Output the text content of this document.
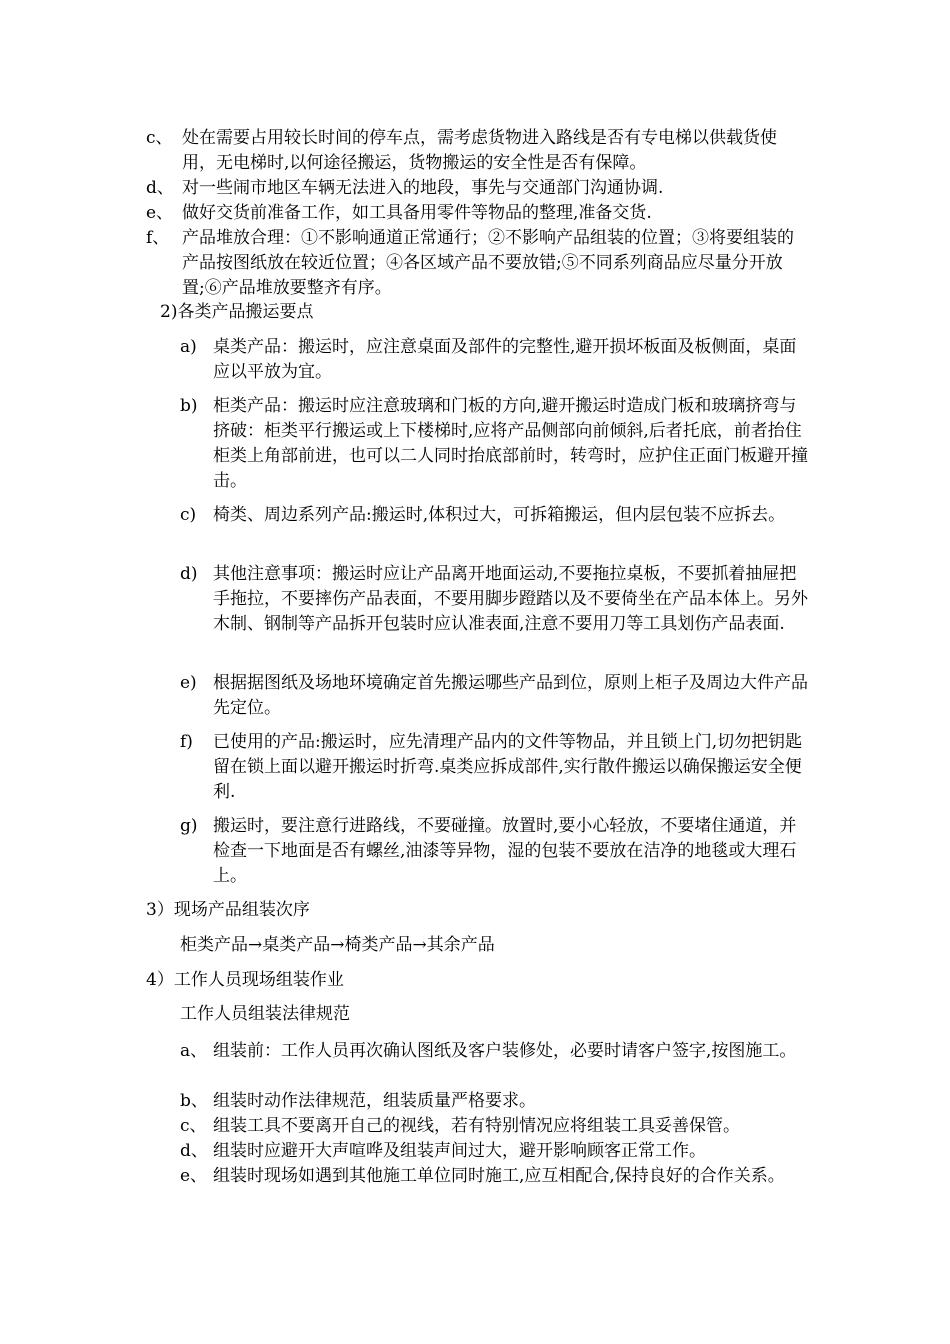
c、 处在需要占用较长时间的停车点，需考虑货物进入路线是否有专电梯以供载货使用，无电梯时,以何途径搬运，货物搬运的安全性是否有保障。
d、 对一些闹市地区车辆无法进入的地段，事先与交通部门沟通协调.
e、 做好交货前准备工作，如工具备用零件等物品的整理,准备交货.
f、 产品堆放合理：①不影响通道正常通行；②不影响产品组装的位置；③将要组装的产品按图纸放在较近位置；④各区域产品不要放错;⑤不同系列商品应尽量分开放置;⑥产品堆放要整齐有序。
2)各类产品搬运要点
a) 桌类产品：搬运时，应注意桌面及部件的完整性,避开损坏板面及板侧面，桌面应以平放为宜。
b) 柜类产品：搬运时应注意玻璃和门板的方向,避开搬运时造成门板和玻璃挤弯与挤破：柜类平行搬运或上下楼梯时,应将产品侧部向前倾斜,后者托底，前者抬住柜类上角部前进，也可以二人同时抬底部前时，转弯时，应护住正面门板避开撞击。
c) 椅类、周边系列产品:搬运时,体积过大，可拆箱搬运，但内层包装不应拆去。
d) 其他注意事项：搬运时应让产品离开地面运动,不要拖拉桌板，不要抓着抽屉把手拖拉，不要摔伤产品表面，不要用脚步蹬踏以及不要倚坐在产品本体上。另外木制、钢制等产品拆开包装时应认准表面,注意不要用刀等工具划伤产品表面.
e) 根据据图纸及场地环境确定首先搬运哪些产品到位，原则上柜子及周边大件产品先定位。
f)	已使用的产品:搬运时，应先清理产品内的文件等物品，并且锁上门,切勿把钥匙留在锁上面以避开搬运时折弯.桌类应拆成部件,实行散件搬运以确保搬运安全便利.
g) 搬运时，要注意行进路线，不要碰撞。放置时,要小心轻放，不要堵住通道，并检查一下地面是否有螺丝,油漆等异物，湿的包装不要放在洁净的地毯或大理石上。
3）现场产品组装次序
柜类产品→桌类产品→椅类产品→其余产品
4）工作人员现场组装作业
工作人员组装法律规范
a、 组装前：工作人员再次确认图纸及客户装修处，必要时请客户签字,按图施工。
b、 组装时动作法律规范，组装质量严格要求。
c、 组装工具不要离开自己的视线，若有特别情况应将组装工具妥善保管。
d、 组装时应避开大声喧哗及组装声间过大，避开影响顾客正常工作。
e、 组装时现场如遇到其他施工单位同时施工,应互相配合,保持良好的合作关系。
